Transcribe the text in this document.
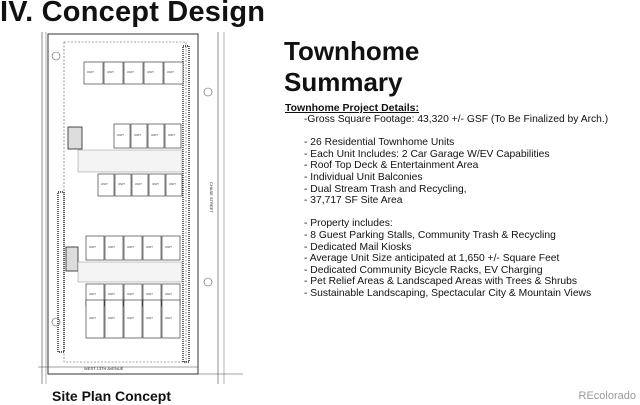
IV. Concept Design
UNIT	UNIT	UNIT	UNIT	UNIT
UNIT	UNIT	UNIT	UNIT
UNIT	UNIT	UNIT	UNIT	UNIT
UNIT	UNIT	UNIT	UNIT	UNIT
UNIT	UNIT	UNIT	UNIT	UNIT
UNIT	UNIT	UNIT	UNIT	UNIT
WEST 13TH AVENUE
CHASE STREET
Site Plan Concept
Townhome
Summary
Townhome Project Details:
-Gross Square Footage: 43,320 +/- GSF (To Be Finalized by Arch.)
- 26 Residential Townhome Units
- Each Unit Includes: 2 Car Garage W/EV Capabilities
- Roof Top Deck & Entertainment Area
- Individual Unit Balconies
- Dual Stream Trash and Recycling,
- 37,717 SF Site Area
- Property includes:
- 8 Guest Parking Stalls, Community Trash & Recycling
- Dedicated Mail Kiosks
- Average Unit Size anticipated at 1,650 +/- Square Feet
- Dedicated Community Bicycle Racks, EV Charging
- Pet Relief Areas & Landscaped Areas with Trees & Shrubs
- Sustainable Landscaping, Spectacular City & Mountain Views
REcolorado
